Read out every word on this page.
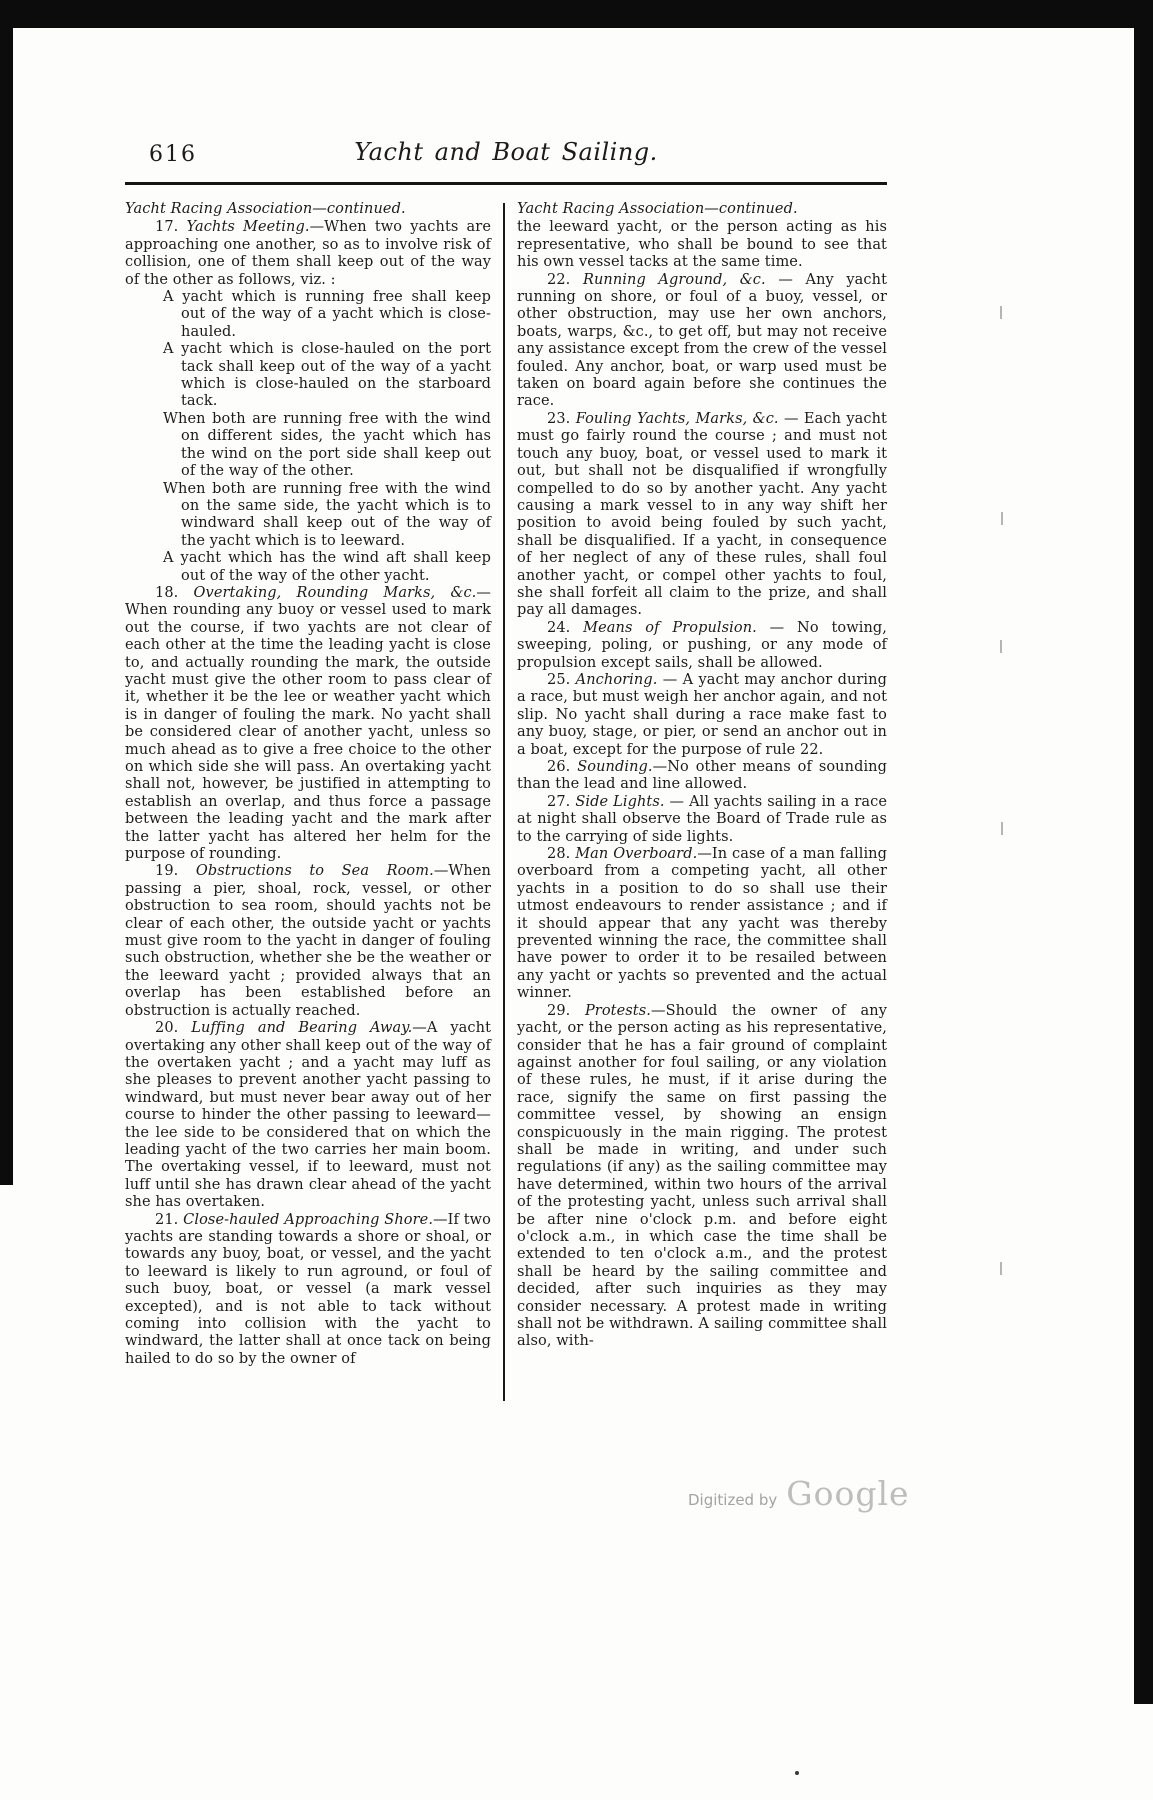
616	Yacht and Boat Sailing.

Yacht Racing Association—continued.

17. Yachts Meeting.—When two yachts are approaching one another, so as to involve risk of collision, one of them shall keep out of the way of the other as follows, viz. :

A yacht which is running free shall keep out of the way of a yacht which is close-hauled.

A yacht which is close-hauled on the port tack shall keep out of the way of a yacht which is close-hauled on the starboard tack.

When both are running free with the wind on different sides, the yacht which has the wind on the port side shall keep out of the way of the other.

When both are running free with the wind on the same side, the yacht which is to windward shall keep out of the way of the yacht which is to leeward.

A yacht which has the wind aft shall keep out of the way of the other yacht.

18. Overtaking, Rounding Marks, &c.—When rounding any buoy or vessel used to mark out the course, if two yachts are not clear of each other at the time the leading yacht is close to, and actually rounding the mark, the outside yacht must give the other room to pass clear of it, whether it be the lee or weather yacht which is in danger of fouling the mark. No yacht shall be considered clear of another yacht, unless so much ahead as to give a free choice to the other on which side she will pass. An overtaking yacht shall not, however, be justified in attempting to establish an overlap, and thus force a passage between the leading yacht and the mark after the latter yacht has altered her helm for the purpose of rounding.

19. Obstructions to Sea Room.—When passing a pier, shoal, rock, vessel, or other obstruction to sea room, should yachts not be clear of each other, the outside yacht or yachts must give room to the yacht in danger of fouling such obstruction, whether she be the weather or the leeward yacht ; provided always that an overlap has been established before an obstruction is actually reached.

20. Luffing and Bearing Away.—A yacht overtaking any other shall keep out of the way of the overtaken yacht ; and a yacht may luff as she pleases to prevent another yacht passing to windward, but must never bear away out of her course to hinder the other passing to leeward—the lee side to be considered that on which the leading yacht of the two carries her main boom. The overtaking vessel, if to leeward, must not luff until she has drawn clear ahead of the yacht she has overtaken.

21. Close-hauled Approaching Shore.—If two yachts are standing towards a shore or shoal, or towards any buoy, boat, or vessel, and the yacht to leeward is likely to run aground, or foul of such buoy, boat, or vessel (a mark vessel excepted), and is not able to tack without coming into collision with the yacht to windward, the latter shall at once tack on being hailed to do so by the owner of

Yacht Racing Association—continued.

the leeward yacht, or the person acting as his representative, who shall be bound to see that his own vessel tacks at the same time.

22. Running Aground, &c. — Any yacht running on shore, or foul of a buoy, vessel, or other obstruction, may use her own anchors, boats, warps, &c., to get off, but may not receive any assistance except from the crew of the vessel fouled. Any anchor, boat, or warp used must be taken on board again before she continues the race.

23. Fouling Yachts, Marks, &c. — Each yacht must go fairly round the course ; and must not touch any buoy, boat, or vessel used to mark it out, but shall not be disqualified if wrongfully compelled to do so by another yacht. Any yacht causing a mark vessel to in any way shift her position to avoid being fouled by such yacht, shall be disqualified. If a yacht, in consequence of her neglect of any of these rules, shall foul another yacht, or compel other yachts to foul, she shall forfeit all claim to the prize, and shall pay all damages.

24. Means of Propulsion. — No towing, sweeping, poling, or pushing, or any mode of propulsion except sails, shall be allowed.

25. Anchoring. — A yacht may anchor during a race, but must weigh her anchor again, and not slip. No yacht shall during a race make fast to any buoy, stage, or pier, or send an anchor out in a boat, except for the purpose of rule 22.

26. Sounding.—No other means of sounding than the lead and line allowed.

27. Side Lights. — All yachts sailing in a race at night shall observe the Board of Trade rule as to the carrying of side lights.

28. Man Overboard.—In case of a man falling overboard from a competing yacht, all other yachts in a position to do so shall use their utmost endeavours to render assistance ; and if it should appear that any yacht was thereby prevented winning the race, the committee shall have power to order it to be resailed between any yacht or yachts so prevented and the actual winner.

29. Protests.—Should the owner of any yacht, or the person acting as his representative, consider that he has a fair ground of complaint against another for foul sailing, or any violation of these rules, he must, if it arise during the race, signify the same on first passing the committee vessel, by showing an ensign conspicuously in the main rigging. The protest shall be made in writing, and under such regulations (if any) as the sailing committee may have determined, within two hours of the arrival of the protesting yacht, unless such arrival shall be after nine o'clock p.m. and before eight o'clock a.m., in which case the time shall be extended to ten o'clock a.m., and the protest shall be heard by the sailing committee and decided, after such inquiries as they may consider necessary. A protest made in writing shall not be withdrawn. A sailing committee shall also, with-

Digitized by Google
